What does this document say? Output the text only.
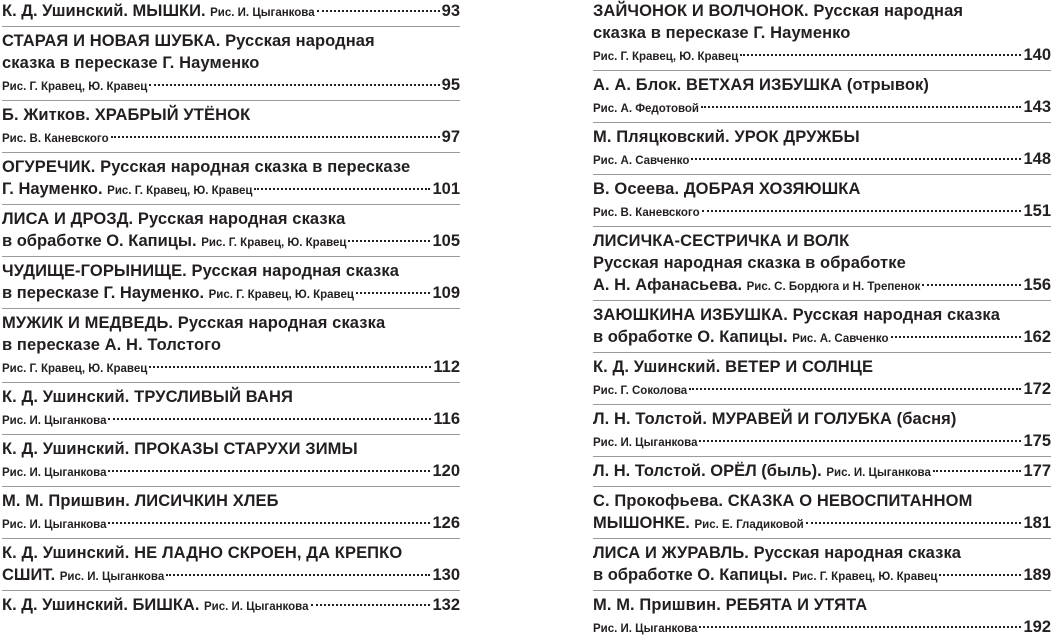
К. Д. Ушинский. МЫШКИ. Рис. И. Цыганкова	93
СТАРАЯ И НОВАЯ ШУБКА. Русская народная
сказка в пересказе Г. Науменко
Рис. Г. Кравец, Ю. Кравец	95
Б. Житков. ХРАБРЫЙ УТЁНОК
Рис. В. Каневского	97
ОГУРЕЧИК. Русская народная сказка в пересказе
Г. Науменко. Рис. Г. Кравец, Ю. Кравец	101
ЛИСА И ДРОЗД. Русская народная сказка
в обработке О. Капицы. Рис. Г. Кравец, Ю. Кравец	105
ЧУДИЩЕ-ГОРЫНИЩЕ. Русская народная сказка
в пересказе Г. Науменко. Рис. Г. Кравец, Ю. Кравец	109
МУЖИК И МЕДВЕДЬ. Русская народная сказка
в пересказе А. Н. Толстого
Рис. Г. Кравец, Ю. Кравец	112
К. Д. Ушинский. ТРУСЛИВЫЙ ВАНЯ
Рис. И. Цыганкова	116
К. Д. Ушинский. ПРОКАЗЫ СТАРУХИ ЗИМЫ
Рис. И. Цыганкова	120
М. М. Пришвин. ЛИСИЧКИН ХЛЕБ
Рис. И. Цыганкова	126
К. Д. Ушинский. НЕ ЛАДНО СКРОЕН, ДА КРЕПКО
СШИТ. Рис. И. Цыганкова	130
К. Д. Ушинский. БИШКА. Рис. И. Цыганкова	132
ЗАЙЧОНОК И ВОЛЧОНОК. Русская народная
сказка в пересказе Г. Науменко
Рис. Г. Кравец, Ю. Кравец	140
А. А. Блок. ВЕТХАЯ ИЗБУШКА (отрывок)
Рис. А. Федотовой	143
М. Пляцковский. УРОК ДРУЖБЫ
Рис. А. Савченко	148
В. Осеева. ДОБРАЯ ХОЗЯЮШКА
Рис. В. Каневского	151
ЛИСИЧКА-СЕСТРИЧКА И ВОЛК
Русская народная сказка в обработке
А. Н. Афанасьева. Рис. С. Бордюга и Н. Трепенок	156
ЗАЮШКИНА ИЗБУШКА. Русская народная сказка
в обработке О. Капицы. Рис. А. Савченко	162
К. Д. Ушинский. ВЕТЕР И СОЛНЦЕ
Рис. Г. Соколова	172
Л. Н. Толстой. МУРАВЕЙ И ГОЛУБКА (басня)
Рис. И. Цыганкова	175
Л. Н. Толстой. ОРЁЛ (быль). Рис. И. Цыганкова	177
С. Прокофьева. СКАЗКА О НЕВОСПИТАННОМ
МЫШОНКЕ. Рис. Е. Гладиковой	181
ЛИСА И ЖУРАВЛЬ. Русская народная сказка
в обработке О. Капицы. Рис. Г. Кравец, Ю. Кравец	189
М. М. Пришвин. РЕБЯТА И УТЯТА
Рис. И. Цыганкова	192
